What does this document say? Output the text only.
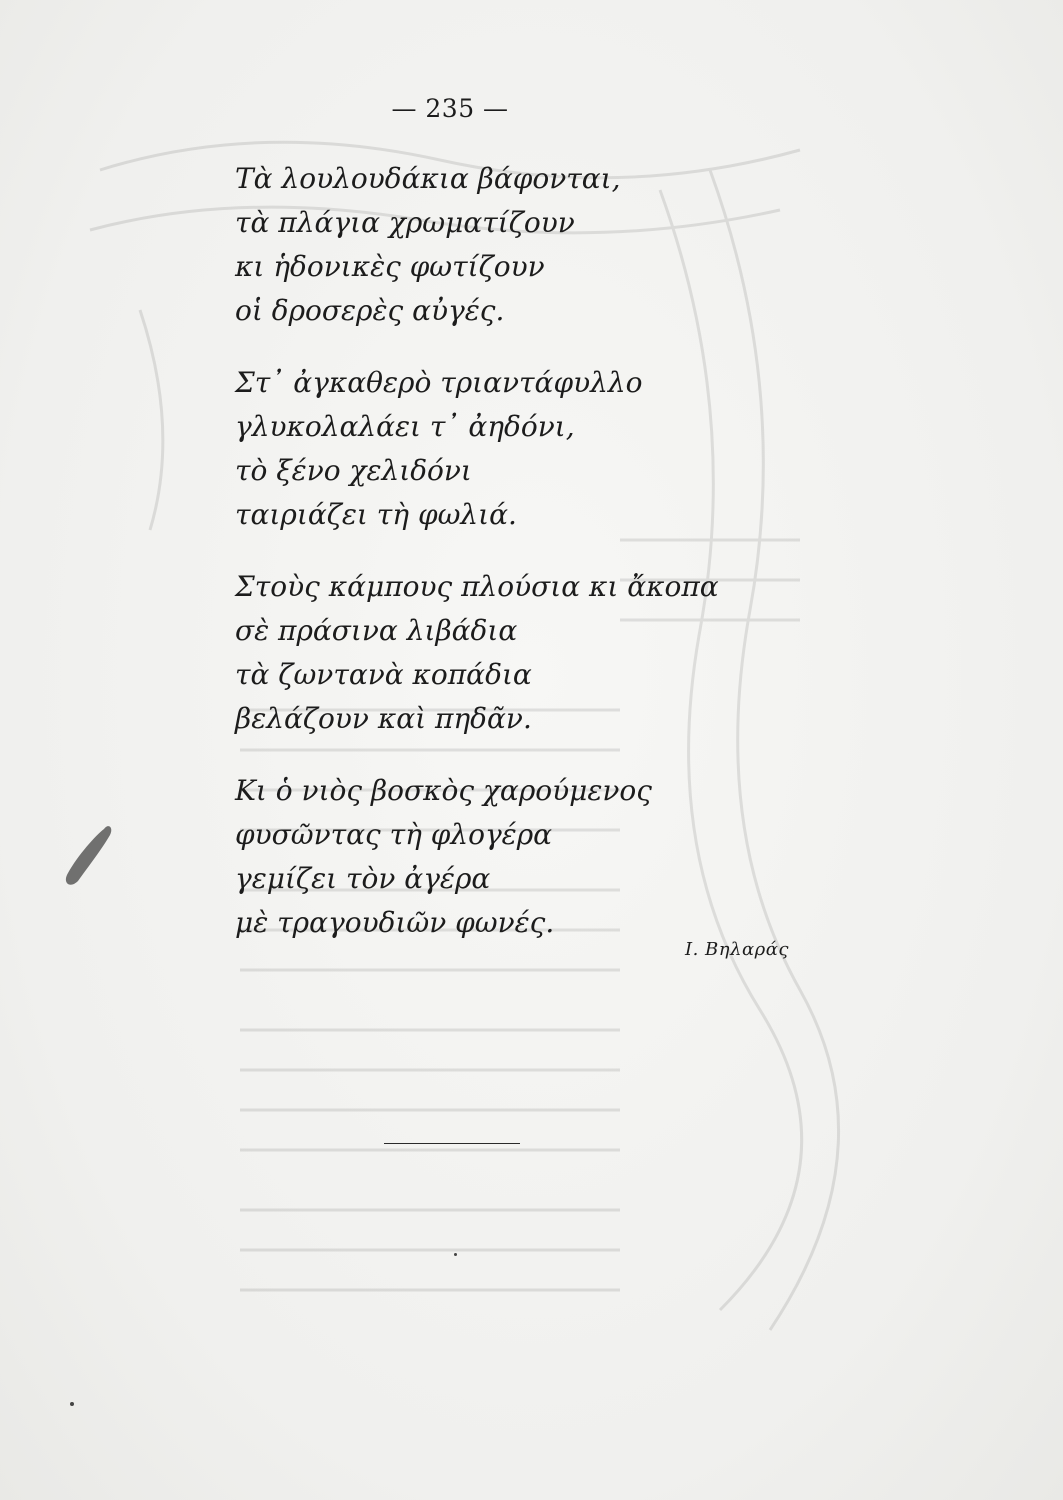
— 235 —
Τὰ λουλουδάκια βάφονται,
τὰ πλάγια χρωματίζουν
κι ἡδονικὲς φωτίζουν
οἱ δροσερὲς αὐγές.
Στ᾽ ἀγκαθερὸ τριαντάφυλλο
γλυκολαλάει τ᾽ ἀηδόνι,
τὸ ξένο χελιδόνι
ταιριάζει τὴ φωλιά.
Στοὺς κάμπους πλούσια κι ἄκοπα
σὲ πράσινα λιβάδια
τὰ ζωντανὰ κοπάδια
βελάζουν καὶ πηδᾶν.
Κι ὁ νιὸς βοσκὸς χαρούμενος
φυσῶντας τὴ φλογέρα
γεμίζει τὸν ἀγέρα
μὲ τραγουδιῶν φωνές.
Ι. Βηλαράς
